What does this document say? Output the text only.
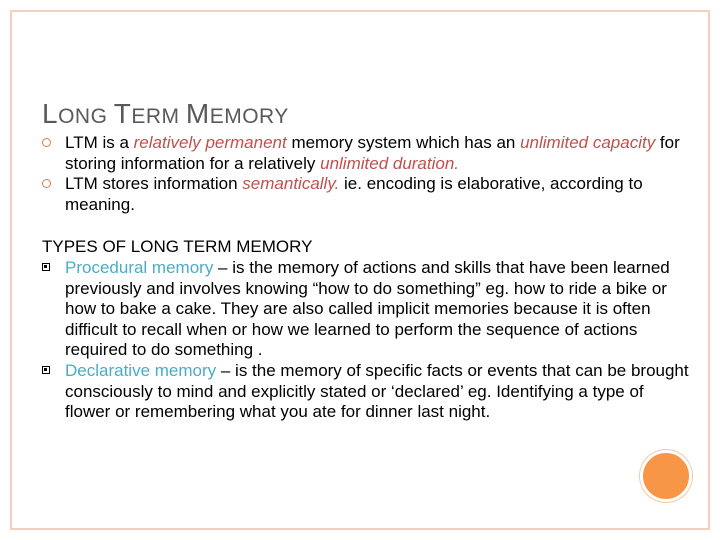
LONG TERM MEMORY

LTM is a relatively permanent memory system which has an unlimited capacity for storing information for a relatively unlimited duration.

LTM stores information semantically. ie. encoding is elaborative, according to meaning.

TYPES OF LONG TERM MEMORY

Procedural memory – is the memory of actions and skills that have been learned previously and involves knowing “how to do something” eg. how to ride a bike or how to bake a cake. They are also called implicit memories because it is often difficult to recall when or how we learned to perform the sequence of actions required to do something .

Declarative memory – is the memory of specific facts or events that can be brought consciously to mind and explicitly stated or ‘declared’ eg. Identifying a type of flower or remembering what you ate for dinner last night.
